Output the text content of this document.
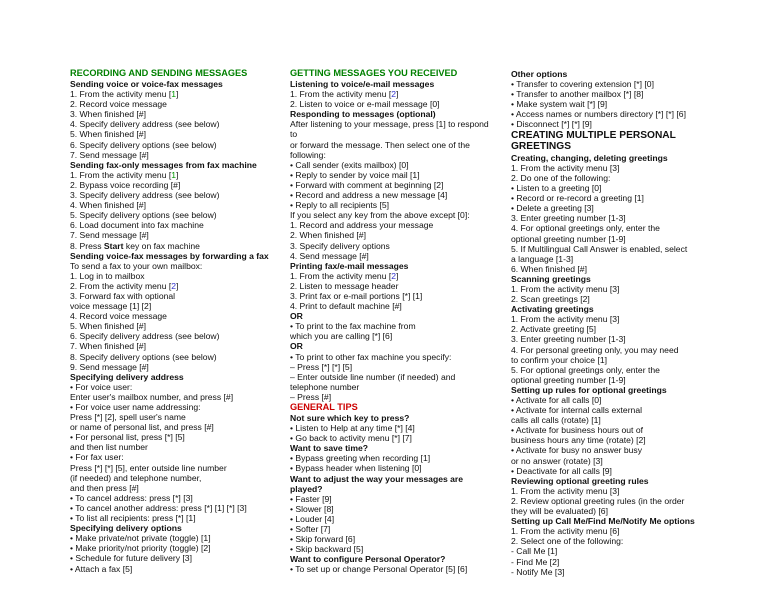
RECORDING AND SENDING MESSAGES
Sending voice or voice-fax messages
1. From the activity menu [1]
2. Record voice message
3. When finished [#]
4. Specify delivery address (see below)
5. When finished [#]
6. Specify delivery options (see below)
7. Send message [#]
Sending fax-only messages from fax machine
1. From the activity menu [1]
2. Bypass voice recording [#]
3. Specify delivery address (see below)
4. When finished [#]
5. Specify delivery options (see below)
6. Load document into fax machine
7. Send message [#]
8. Press Start key on fax machine
Sending voice-fax messages by forwarding a fax
To send a fax to your own mailbox:
1. Log in to mailbox
2. From the activity menu [2]
3. Forward fax with optional
voice message [1] [2]
4. Record voice message
5. When finished [#]
6. Specify delivery address (see below)
7. When finished [#]
8. Specify delivery options (see below)
9. Send message [#]
Specifying delivery address
• For voice user:
Enter user's mailbox number, and press [#]
• For voice user name addressing:
Press [*] [2], spell user's name
or name of personal list, and press [#]
• For personal list, press [*] [5]
and then list number
• For fax user:
Press [*] [*] [5], enter outside line number
(if needed) and telephone number,
and then press [#]
• To cancel address: press [*] [3]
• To cancel another address: press [*] [1] [*] [3]
• To list all recipients: press [*] [1]
Specifying delivery options
• Make private/not private (toggle) [1]
• Make priority/not priority (toggle) [2]
• Schedule for future delivery [3]
• Attach a fax [5]
GETTING MESSAGES YOU RECEIVED
Listening to voice/e-mail messages
1. From the activity menu [2]
2. Listen to voice or e-mail message [0]
Responding to messages (optional)
After listening to your message, press [1] to respond
to
or forward the message. Then select one of the
following:
• Call sender (exits mailbox) [0]
• Reply to sender by voice mail [1]
• Forward with comment at beginning [2]
• Record and address a new message [4]
• Reply to all recipients [5]
If you select any key from the above except [0]:
1. Record and address your message
2. When finished [#]
3. Specify delivery options
4. Send message [#]
Printing fax/e-mail messages
1. From the activity menu [2]
2. Listen to message header
3. Print fax or e-mail portions [*] [1]
4. Print to default machine [#]
OR
• To print to the fax machine from
which you are calling [*] [6]
OR
• To print to other fax machine you specify:
– Press [*] [*] [5]
– Enter outside line number (if needed) and
telephone number
– Press [#]
GENERAL TIPS
Not sure which key to press?
• Listen to Help at any time [*] [4]
• Go back to activity menu [*] [7]
Want to save time?
• Bypass greeting when recording [1]
• Bypass header when listening [0]
Want to adjust the way your messages are
played?
• Faster [9]
• Slower [8]
• Louder [4]
• Softer [7]
• Skip forward [6]
• Skip backward [5]
Want to configure Personal Operator?
• To set up or change Personal Operator [5] [6]
Other options
• Transfer to covering extension [*] [0]
• Transfer to another mailbox [*] [8]
• Make system wait [*] [9]
• Access names or numbers directory [*] [*] [6]
• Disconnect [*] [*] [9]
CREATING MULTIPLE PERSONAL GREETINGS
Creating, changing, deleting greetings
1. From the activity menu [3]
2. Do one of the following:
• Listen to a greeting [0]
• Record or re-record a greeting [1]
• Delete a greeting [3]
3. Enter greeting number [1-3]
4. For optional greetings only, enter the
optional greeting number [1-9]
5. If Multilingual Call Answer is enabled, select
a language [1-3]
6. When finished [#]
Scanning greetings
1. From the activity menu [3]
2. Scan greetings [2]
Activating greetings
1. From the activity menu [3]
2. Activate greeting [5]
3. Enter greeting number [1-3]
4. For personal greeting only, you may need
to confirm your choice [1]
5. For optional greetings only, enter the
optional greeting number [1-9]
Setting up rules for optional greetings
• Activate for all calls [0]
• Activate for internal calls external
calls all calls (rotate) [1]
• Activate for business hours out of
business hours any time (rotate) [2]
• Activate for busy no answer busy
or no answer (rotate) [3]
• Deactivate for all calls [9]
Reviewing optional greeting rules
1. From the activity menu [3]
2. Review optional greeting rules (in the order
they will be evaluated) [6]
Setting up Call Me/Find Me/Notify Me options
1. From the activity menu [6]
2. Select one of the following:
- Call Me [1]
- Find Me [2]
- Notify Me [3]
